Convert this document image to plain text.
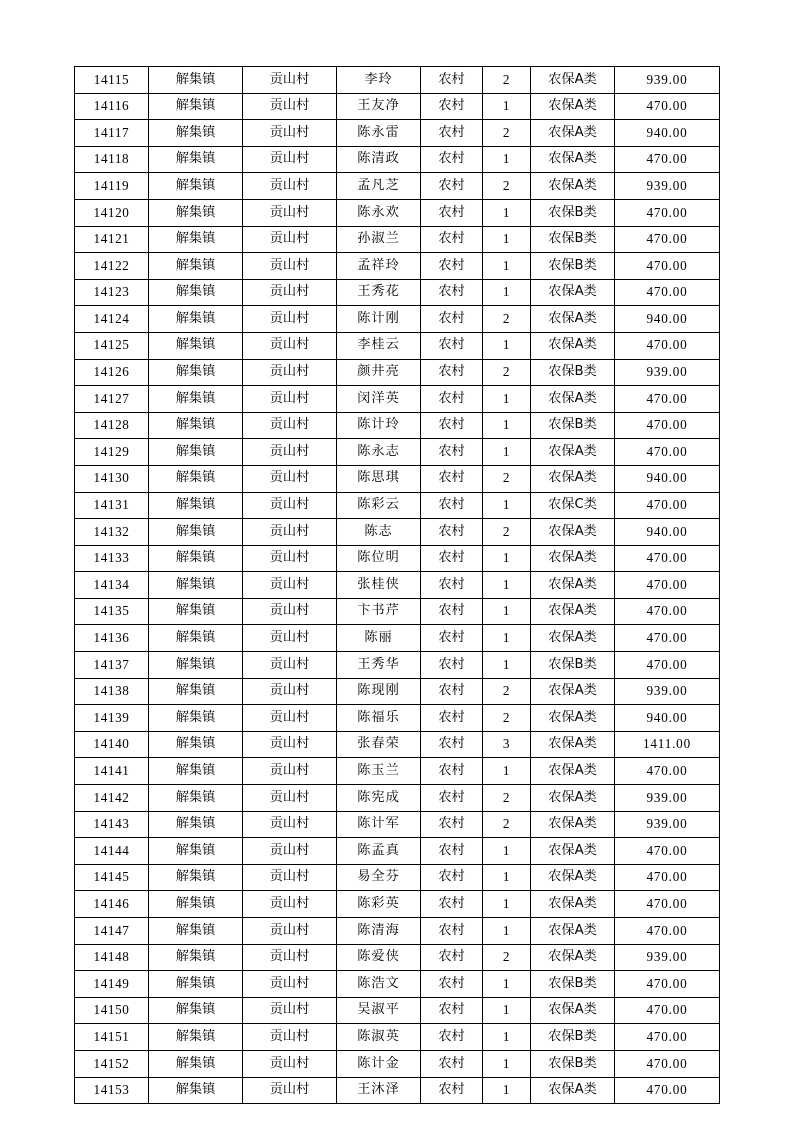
14115	解集镇	贡山村	李玲	农村	2	农保A类	939.00
14116	解集镇	贡山村	王友净	农村	1	农保A类	470.00
14117	解集镇	贡山村	陈永雷	农村	2	农保A类	940.00
14118	解集镇	贡山村	陈清政	农村	1	农保A类	470.00
14119	解集镇	贡山村	孟凡芝	农村	2	农保A类	939.00
14120	解集镇	贡山村	陈永欢	农村	1	农保B类	470.00
14121	解集镇	贡山村	孙淑兰	农村	1	农保B类	470.00
14122	解集镇	贡山村	孟祥玲	农村	1	农保B类	470.00
14123	解集镇	贡山村	王秀花	农村	1	农保A类	470.00
14124	解集镇	贡山村	陈计刚	农村	2	农保A类	940.00
14125	解集镇	贡山村	李桂云	农村	1	农保A类	470.00
14126	解集镇	贡山村	颜井亮	农村	2	农保B类	939.00
14127	解集镇	贡山村	闵洋英	农村	1	农保A类	470.00
14128	解集镇	贡山村	陈计玲	农村	1	农保B类	470.00
14129	解集镇	贡山村	陈永志	农村	1	农保A类	470.00
14130	解集镇	贡山村	陈思琪	农村	2	农保A类	940.00
14131	解集镇	贡山村	陈彩云	农村	1	农保C类	470.00
14132	解集镇	贡山村	陈志	农村	2	农保A类	940.00
14133	解集镇	贡山村	陈位明	农村	1	农保A类	470.00
14134	解集镇	贡山村	张桂侠	农村	1	农保A类	470.00
14135	解集镇	贡山村	卞书芹	农村	1	农保A类	470.00
14136	解集镇	贡山村	陈丽	农村	1	农保A类	470.00
14137	解集镇	贡山村	王秀华	农村	1	农保B类	470.00
14138	解集镇	贡山村	陈现刚	农村	2	农保A类	939.00
14139	解集镇	贡山村	陈福乐	农村	2	农保A类	940.00
14140	解集镇	贡山村	张春荣	农村	3	农保A类	1411.00
14141	解集镇	贡山村	陈玉兰	农村	1	农保A类	470.00
14142	解集镇	贡山村	陈宪成	农村	2	农保A类	939.00
14143	解集镇	贡山村	陈计军	农村	2	农保A类	939.00
14144	解集镇	贡山村	陈孟真	农村	1	农保A类	470.00
14145	解集镇	贡山村	易全芬	农村	1	农保A类	470.00
14146	解集镇	贡山村	陈彩英	农村	1	农保A类	470.00
14147	解集镇	贡山村	陈清海	农村	1	农保A类	470.00
14148	解集镇	贡山村	陈爱侠	农村	2	农保A类	939.00
14149	解集镇	贡山村	陈浩文	农村	1	农保B类	470.00
14150	解集镇	贡山村	吴淑平	农村	1	农保A类	470.00
14151	解集镇	贡山村	陈淑英	农村	1	农保B类	470.00
14152	解集镇	贡山村	陈计金	农村	1	农保B类	470.00
14153	解集镇	贡山村	王沐泽	农村	1	农保A类	470.00
